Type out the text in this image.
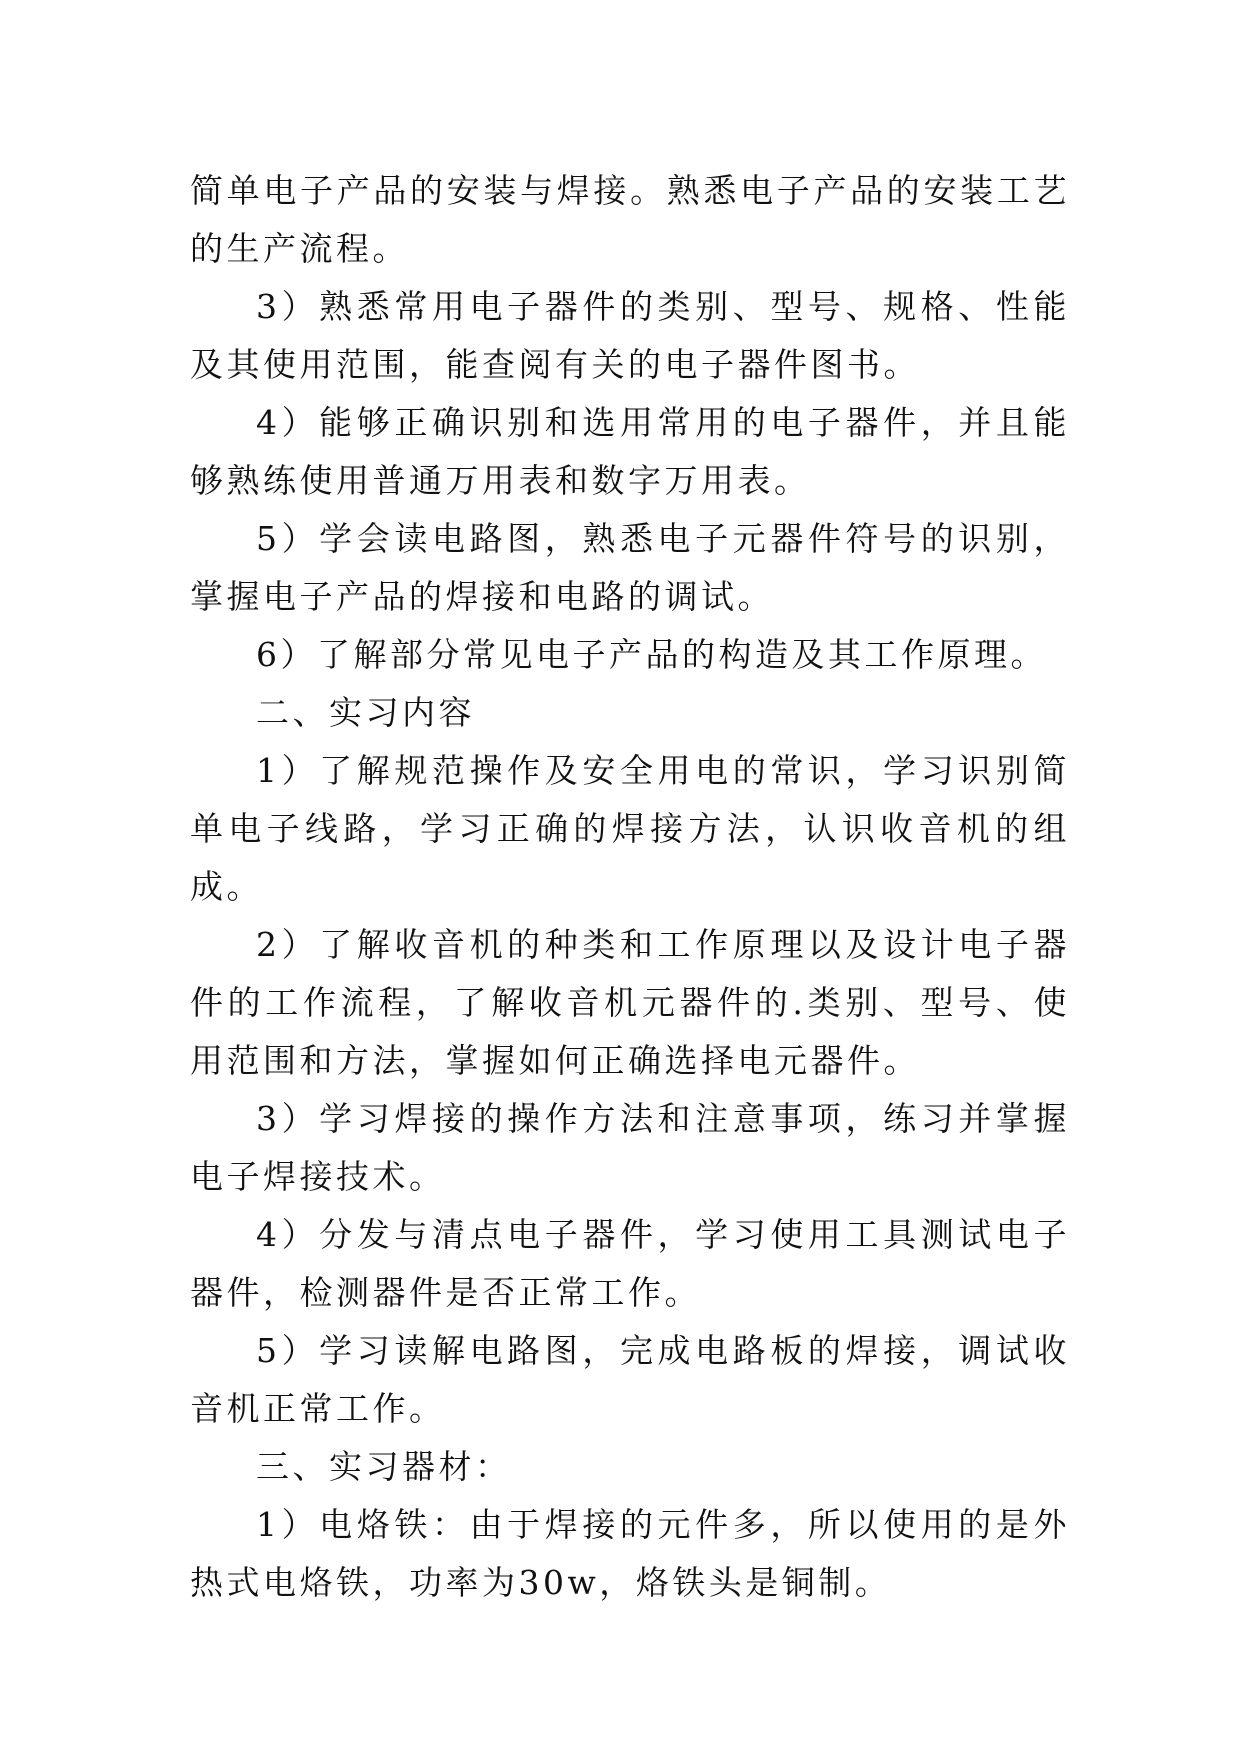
简单电子产品的安装与焊接。熟悉电子产品的安装工艺的生产流程。

3）熟悉常用电子器件的类别、型号、规格、性能及其使用范围，能查阅有关的电子器件图书。

4）能够正确识别和选用常用的电子器件，并且能够熟练使用普通万用表和数字万用表。

5）学会读电路图，熟悉电子元器件符号的识别，掌握电子产品的焊接和电路的调试。

6）了解部分常见电子产品的构造及其工作原理。

二、实习内容

1）了解规范操作及安全用电的常识，学习识别简单电子线路，学习正确的焊接方法，认识收音机的组成。

2）了解收音机的种类和工作原理以及设计电子器件的工作流程，了解收音机元器件的.类别、型号、使用范围和方法，掌握如何正确选择电元器件。

3）学习焊接的操作方法和注意事项，练习并掌握电子焊接技术。

4）分发与清点电子器件，学习使用工具测试电子器件，检测器件是否正常工作。

5）学习读解电路图，完成电路板的焊接，调试收音机正常工作。

三、实习器材：

1）电烙铁：由于焊接的元件多，所以使用的是外热式电烙铁，功率为30w，烙铁头是铜制。
